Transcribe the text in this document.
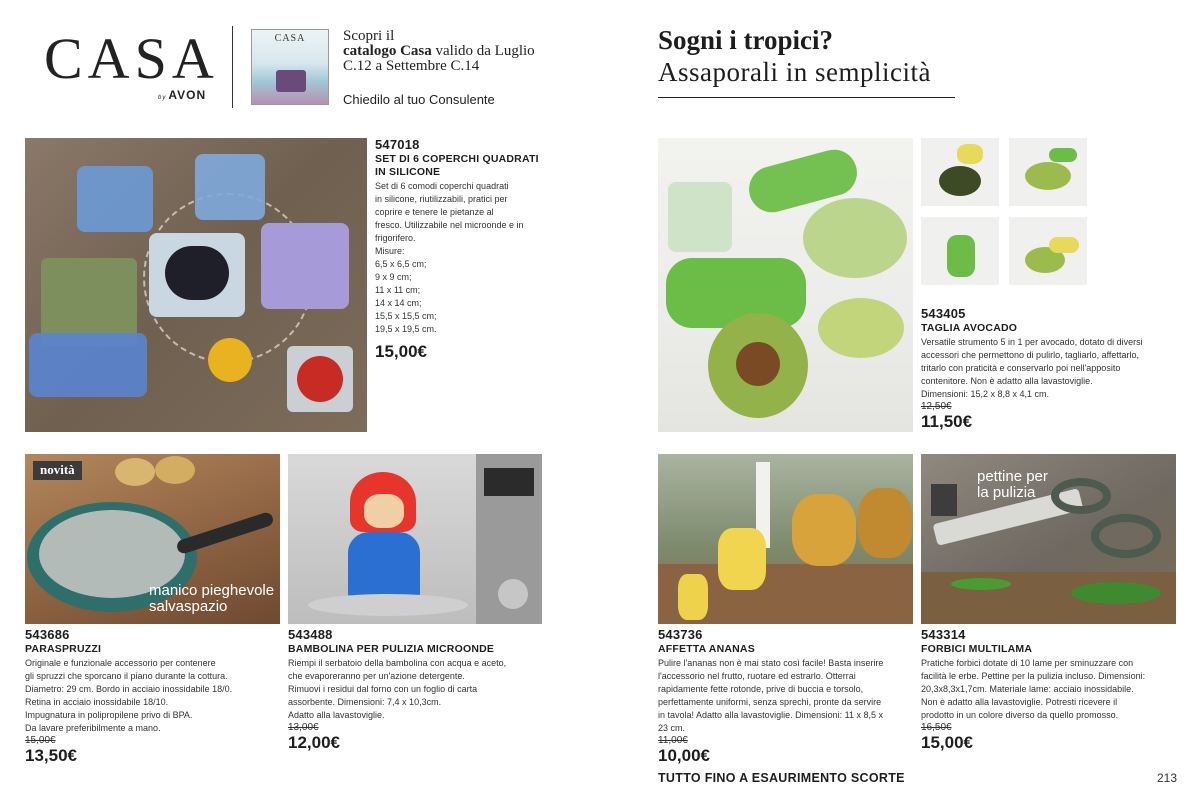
CASA
by AVON
CASA	Scopri il
catalogo Casa valido da Luglio
C.12 a Settembre C.14
Chiedilo al tuo Consulente
Sogni i tropici?
Assaporali in semplicità
547018
SET DI 6 COPERCHI QUADRATI IN SILICONE
Set di 6 comodi coperchi quadrati
in silicone, riutilizzabili, pratici per
coprire e tenere le pietanze al
fresco. Utilizzabile nel microonde e in
frigorifero.
Misure:
6,5 x 6,5 cm;
9 x 9 cm;
11 x 11 cm;
14 x 14 cm;
15,5 x 15,5 cm;
19,5 x 19,5 cm.
15,00€
543405
TAGLIA AVOCADO
Versatile strumento 5 in 1 per avocado, dotato di diversi
accessori che permettono di pulirlo, tagliarlo, affettarlo,
tritarlo con praticità e conservarlo poi nell'apposito
contenitore. Non è adatto alla lavastoviglie.
Dimensioni: 15,2 x 8,8 x 4,1 cm.
12,50€
11,50€
novità
manico pieghevole
salvaspazio
543686
PARASPRUZZI
Originale e funzionale accessorio per contenere
gli spruzzi che sporcano il piano durante la cottura.
Diametro: 29 cm. Bordo in acciaio inossidabile 18/0.
Retina in acciaio inossidabile 18/10.
Impugnatura in polipropilene privo di BPA.
Da lavare preferibilmente a mano.
15,00€
13,50€
543488
BAMBOLINA PER PULIZIA MICROONDE
Riempi il serbatoio della bambolina con acqua e aceto,
che evaporeranno per un'azione detergente.
Rimuovi i residui dal forno con un foglio di carta
assorbente. Dimensioni: 7,4 x 10,3cm.
Adatto alla lavastoviglie.
13,00€
12,00€
543736
AFFETTA ANANAS
Pulire l'ananas non è mai stato così facile! Basta inserire
l'accessorio nel frutto, ruotare ed estrarlo. Otterrai
rapidamente fette rotonde, prive di buccia e torsolo,
perfettamente uniformi, senza sprechi, pronte da servire
in tavola! Adatto alla lavastoviglie. Dimensioni: 11 x 8,5 x
23 cm.
11,00€
10,00€
pettine per
la pulizia
543314
FORBICI MULTILAMA
Pratiche forbici dotate di 10 lame per sminuzzare con
facilità le erbe. Pettine per la pulizia incluso. Dimensioni:
20,3x8,3x1,7cm. Materiale lame: acciaio inossidabile.
Non è adatto alla lavastoviglie. Potresti ricevere il
prodotto in un colore diverso da quello promosso.
16,50€
15,00€
TUTTO FINO A ESAURIMENTO SCORTE	213
